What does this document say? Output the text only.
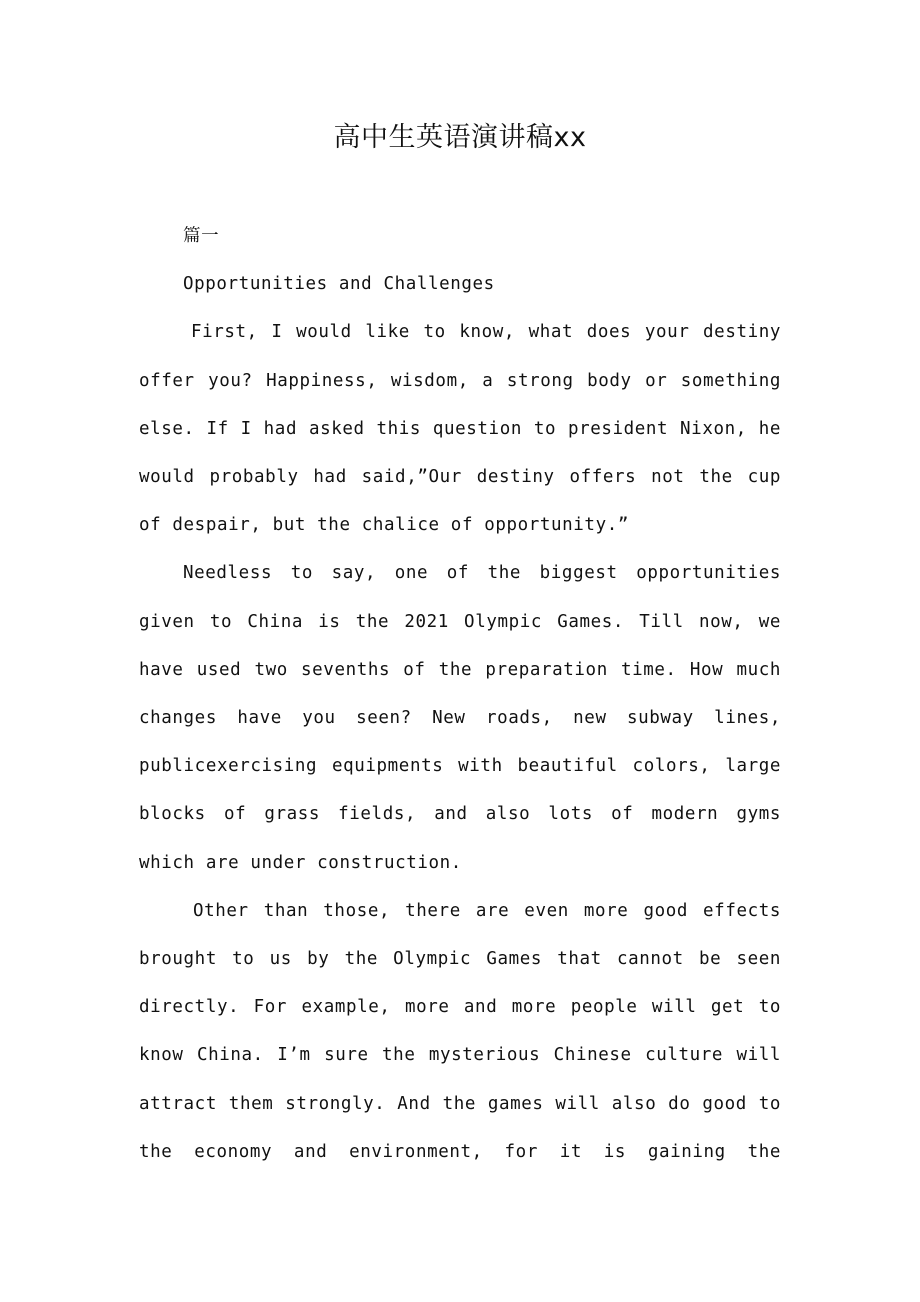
高中生英语演讲稿xx

篇一

Opportunities and Challenges

First, I would like to know, what does your destiny offer you? Happiness, wisdom, a strong body or something else. If I had asked this question to president Nixon, he would probably had said,”Our destiny offers not the cup of despair, but the chalice of opportunity.”

Needless to say, one of the biggest opportunities given to China is the 2021 Olympic Games. Till now, we have used two sevenths of the preparation time. How much changes have you seen? New roads, new subway lines, publicexercising equipments with beautiful colors, large blocks of grass fields, and also lots of modern gyms which are under construction.

Other than those, there are even more good effects brought to us by the Olympic Games that cannot be seen directly. For example, more and more people will get to know China. I’m sure the mysterious Chinese culture will attract them strongly. And the games will also do good to the economy and environment, for it is gaining the
